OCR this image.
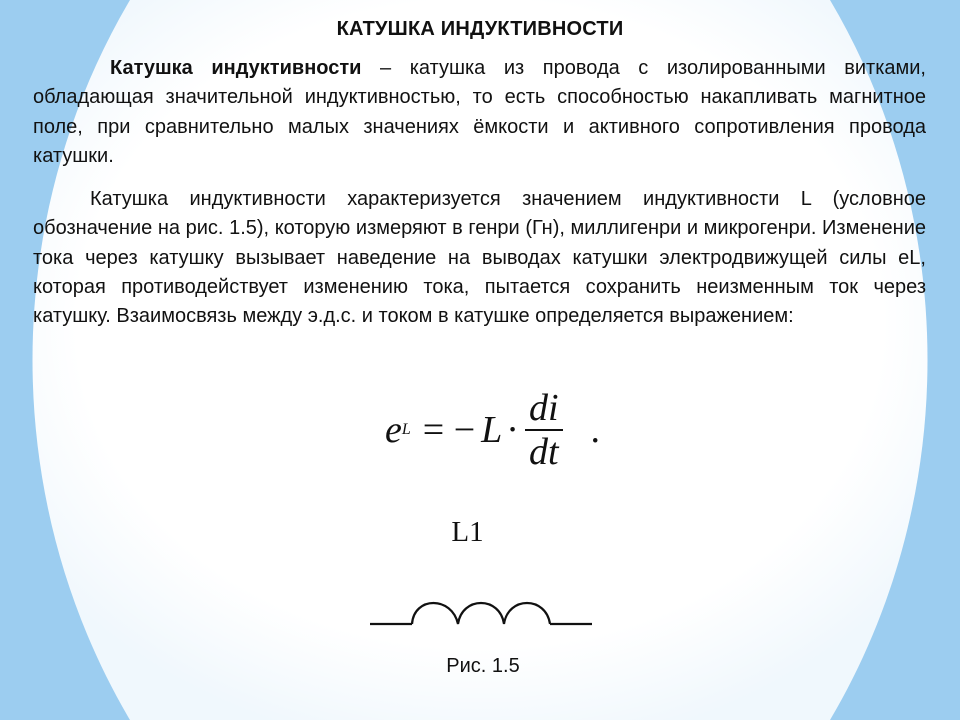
КАТУШКА ИНДУКТИВНОСТИ

Катушка индуктивности – катушка из провода с изолированными витками, обладающая значительной индуктивностью, то есть способностью накапливать магнитное поле, при сравнительно малых значениях ёмкости и активного сопротивления провода катушки.

Катушка индуктивности характеризуется значением индуктивности L (условное обозначение на рис. 1.5), которую измеряют в генри (Гн), миллигенри и микрогенри. Изменение тока через катушку вызывает наведение на выводах катушки электродвижущей силы eL, которая противодействует изменению тока, пытается сохранить неизменным ток через катушку. Взаимосвязь между э.д.с. и током в катушке определяется выражением:

e L = − $L \cdot \frac{di}{dt}$ .
L1
Рис. 1.5
